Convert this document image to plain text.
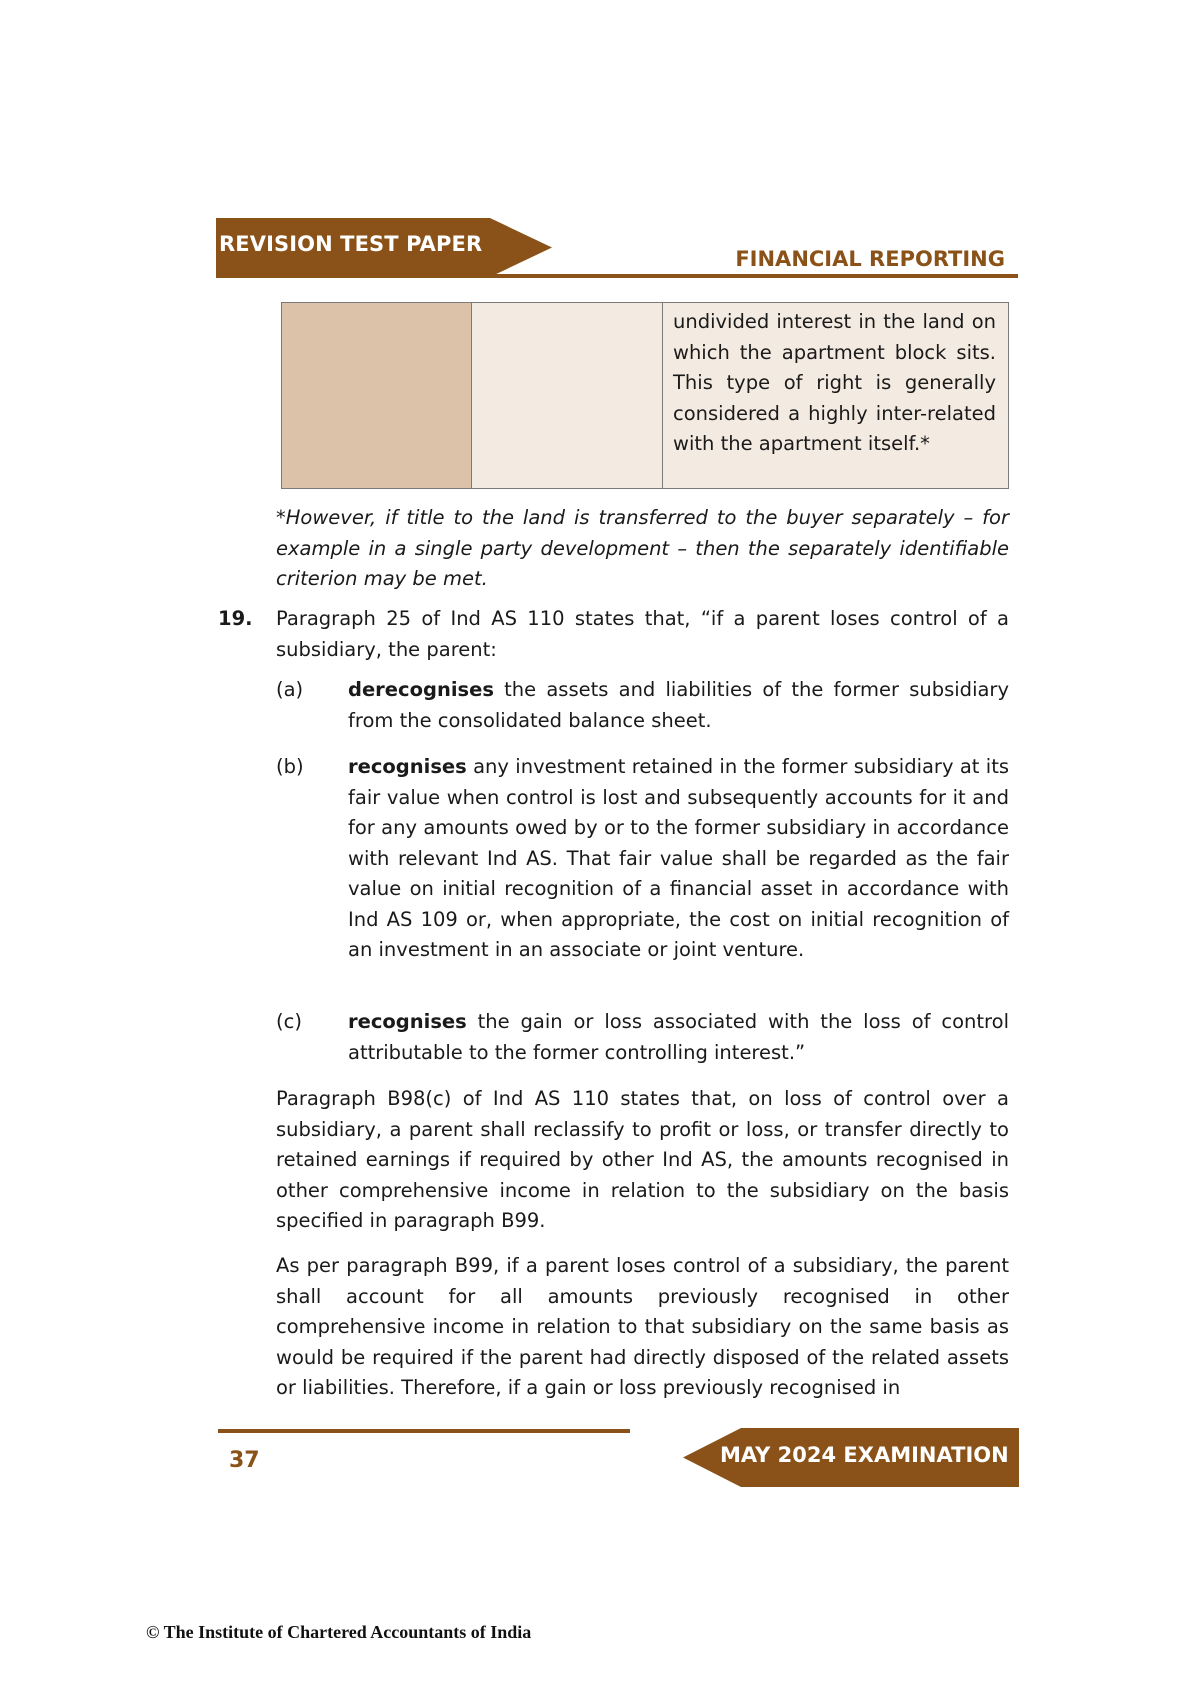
REVISION TEST PAPER
FINANCIAL REPORTING

undivided interest in the land on which the apartment block sits. This type of right is generally considered a highly inter-related with the apartment itself.*

*However, if title to the land is transferred to the buyer separately – for example in a single party development – then the separately identifiable criterion may be met.

19. Paragraph 25 of Ind AS 110 states that, “if a parent loses control of a subsidiary, the parent:

(a) derecognises the assets and liabilities of the former subsidiary from the consolidated balance sheet.

(b) recognises any investment retained in the former subsidiary at its fair value when control is lost and subsequently accounts for it and for any amounts owed by or to the former subsidiary in accordance with relevant Ind AS. That fair value shall be regarded as the fair value on initial recognition of a financial asset in accordance with Ind AS 109 or, when appropriate, the cost on initial recognition of an investment in an associate or joint venture.

(c) recognises the gain or loss associated with the loss of control attributable to the former controlling interest.”

Paragraph B98(c) of Ind AS 110 states that, on loss of control over a subsidiary, a parent shall reclassify to profit or loss, or transfer directly to retained earnings if required by other Ind AS, the amounts recognised in other comprehensive income in relation to the subsidiary on the basis specified in paragraph B99.

As per paragraph B99, if a parent loses control of a subsidiary, the parent shall account for all amounts previously recognised in other comprehensive income in relation to that subsidiary on the same basis as would be required if the parent had directly disposed of the related assets or liabilities. Therefore, if a gain or loss previously recognised in

37	MAY 2024 EXAMINATION
© The Institute of Chartered Accountants of India
